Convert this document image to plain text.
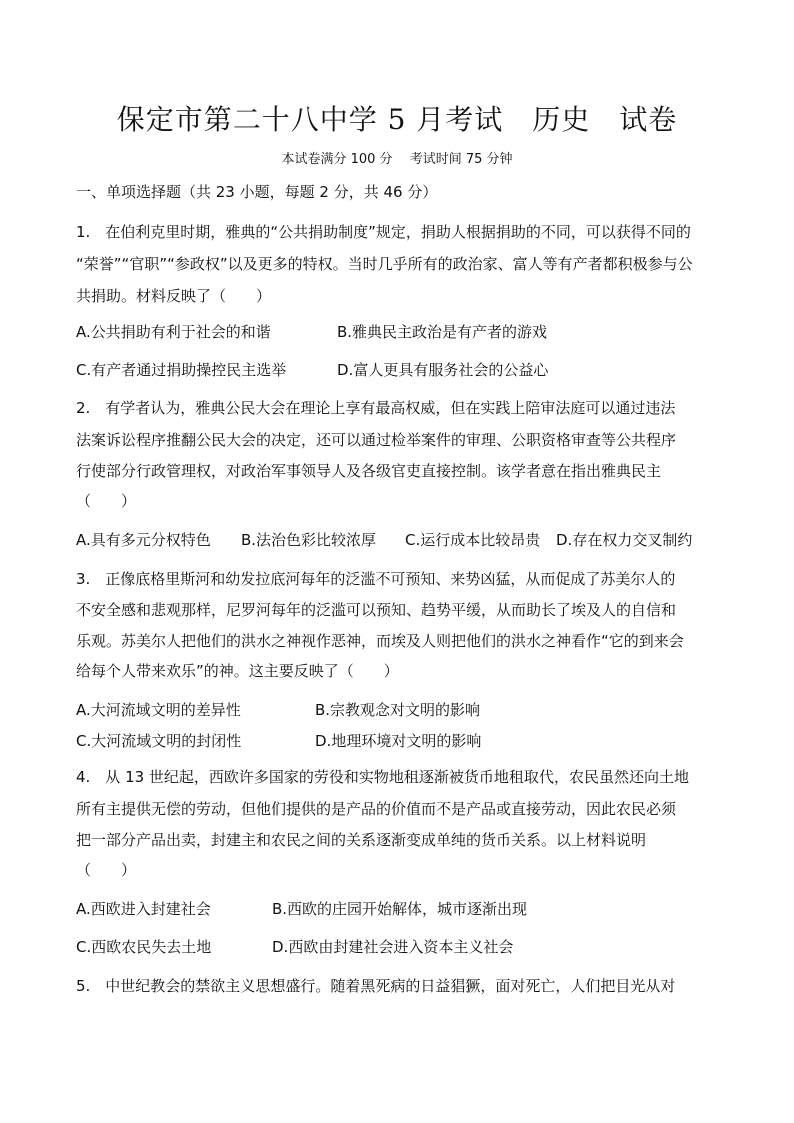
保定市第二十八中学 5 月考试　历史　试卷
本试卷满分 100 分　 考试时间 75 分钟
一、单项选择题（共 23 小题，每题 2 分，共 46 分）
1.　在伯利克里时期，雅典的“公共捐助制度”规定，捐助人根据捐助的不同，可以获得不同的
“荣誉”“官职”“参政权”以及更多的特权。当时几乎所有的政治家、富人等有产者都积极参与公
共捐助。材料反映了（　　）
A.公共捐助有利于社会的和谐	B.雅典民主政治是有产者的游戏
C.有产者通过捐助操控民主选举	D.富人更具有服务社会的公益心
2.　有学者认为，雅典公民大会在理论上享有最高权威，但在实践上陪审法庭可以通过违法
法案诉讼程序推翻公民大会的决定，还可以通过检举案件的审理、公职资格审查等公共程序
行使部分行政管理权，对政治军事领导人及各级官吏直接控制。该学者意在指出雅典民主
（　　）
A.具有多元分权特色 B.法治色彩比较浓厚 C.运行成本比较昂贵 D.存在权力交叉制约
3.　正像底格里斯河和幼发拉底河每年的泛滥不可预知、来势凶猛，从而促成了苏美尔人的
不安全感和悲观那样，尼罗河每年的泛滥可以预知、趋势平缓，从而助长了埃及人的自信和
乐观。苏美尔人把他们的洪水之神视作恶神，而埃及人则把他们的洪水之神看作“它的到来会
给每个人带来欢乐”的神。这主要反映了（　　）
A.大河流域文明的差异性	B.宗教观念对文明的影响
C.大河流域文明的封闭性	D.地理环境对文明的影响
4.　从 13 世纪起，西欧许多国家的劳役和实物地租逐渐被货币地租取代，农民虽然还向土地
所有主提供无偿的劳动，但他们提供的是产品的价值而不是产品或直接劳动，因此农民必须
把一部分产品出卖，封建主和农民之间的关系逐渐变成单纯的货币关系。以上材料说明
（　　）
A.西欧进入封建社会	B.西欧的庄园开始解体，城市逐渐出现
C.西欧农民失去土地	D.西欧由封建社会进入资本主义社会
5.　中世纪教会的禁欲主义思想盛行。随着黑死病的日益猖獗，面对死亡，人们把目光从对
